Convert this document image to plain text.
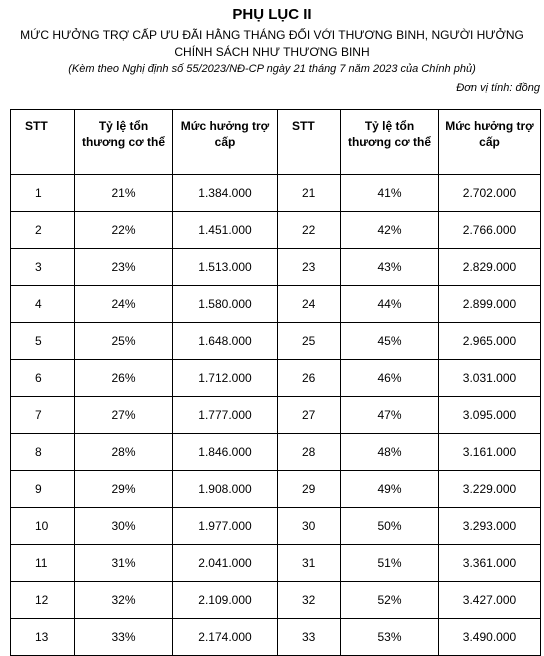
PHỤ LỤC II
MỨC HƯỞNG TRỢ CẤP ƯU ĐÃI HẰNG THÁNG ĐỐI VỚI THƯƠNG BINH, NGƯỜI HƯỞNG CHÍNH SÁCH NHƯ THƯƠNG BINH
(Kèm theo Nghị định số 55/2023/NĐ-CP ngày 21 tháng 7 năm 2023 của Chính phủ)
Đơn vị tính: đồng
STT	Tỷ lệ tổn thương cơ thể	Mức hưởng trợ cấp	STT	Tỷ lệ tổn thương cơ thể	Mức hưởng trợ cấp
1	21%	1.384.000	21	41%	2.702.000
2	22%	1.451.000	22	42%	2.766.000
3	23%	1.513.000	23	43%	2.829.000
4	24%	1.580.000	24	44%	2.899.000
5	25%	1.648.000	25	45%	2.965.000
6	26%	1.712.000	26	46%	3.031.000
7	27%	1.777.000	27	47%	3.095.000
8	28%	1.846.000	28	48%	3.161.000
9	29%	1.908.000	29	49%	3.229.000
10	30%	1.977.000	30	50%	3.293.000
11	31%	2.041.000	31	51%	3.361.000
12	32%	2.109.000	32	52%	3.427.000
13	33%	2.174.000	33	53%	3.490.000
